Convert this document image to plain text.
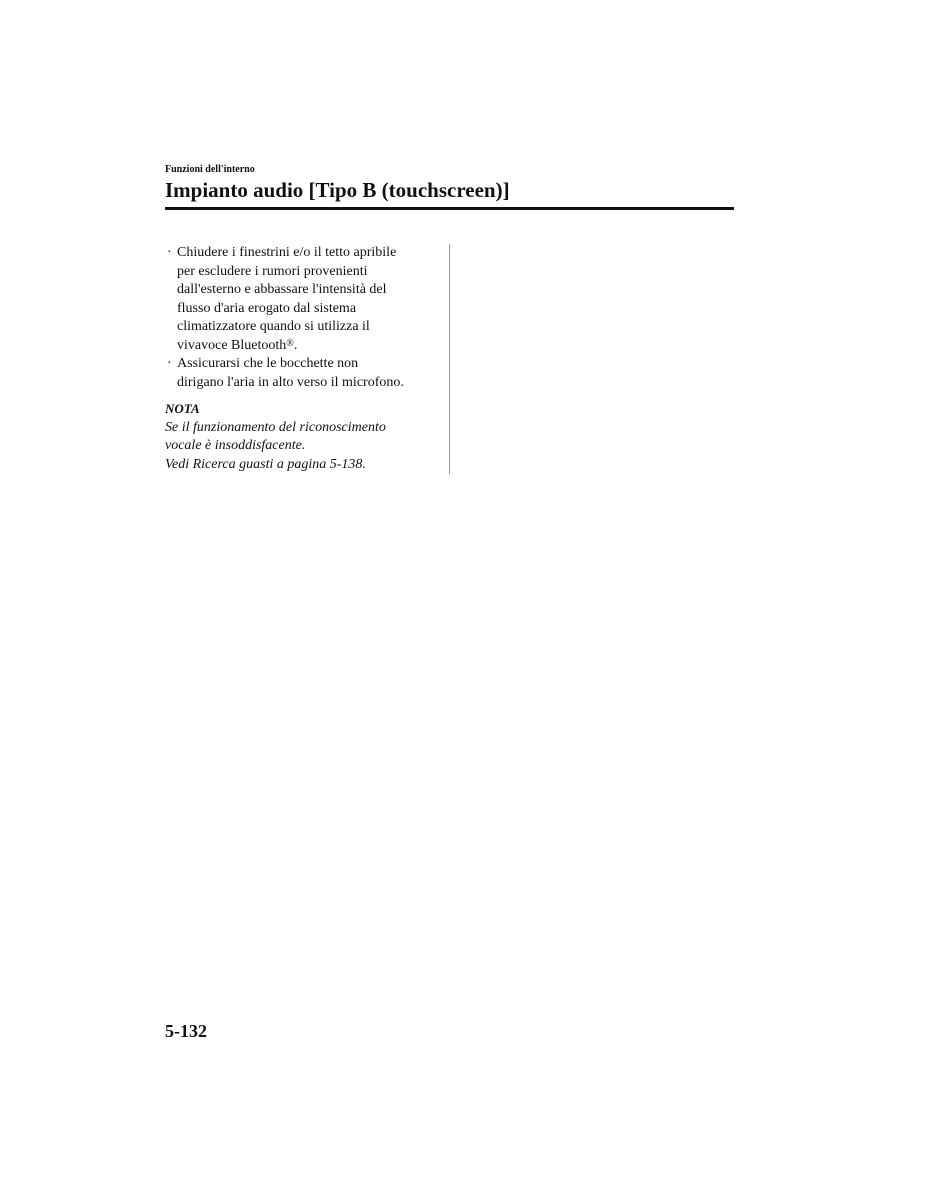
Funzioni dell'interno
Impianto audio [Tipo B (touchscreen)]
· Chiudere i finestrini e/o il tetto apribile
per escludere i rumori provenienti
dall'esterno e abbassare l'intensità del
flusso d'aria erogato dal sistema
climatizzatore quando si utilizza il
vivavoce Bluetooth®.
· Assicurarsi che le bocchette non
dirigano l'aria in alto verso il microfono.
NOTA
Se il funzionamento del riconoscimento
vocale è insoddisfacente.
Vedi Ricerca guasti a pagina 5-138.
5-132
